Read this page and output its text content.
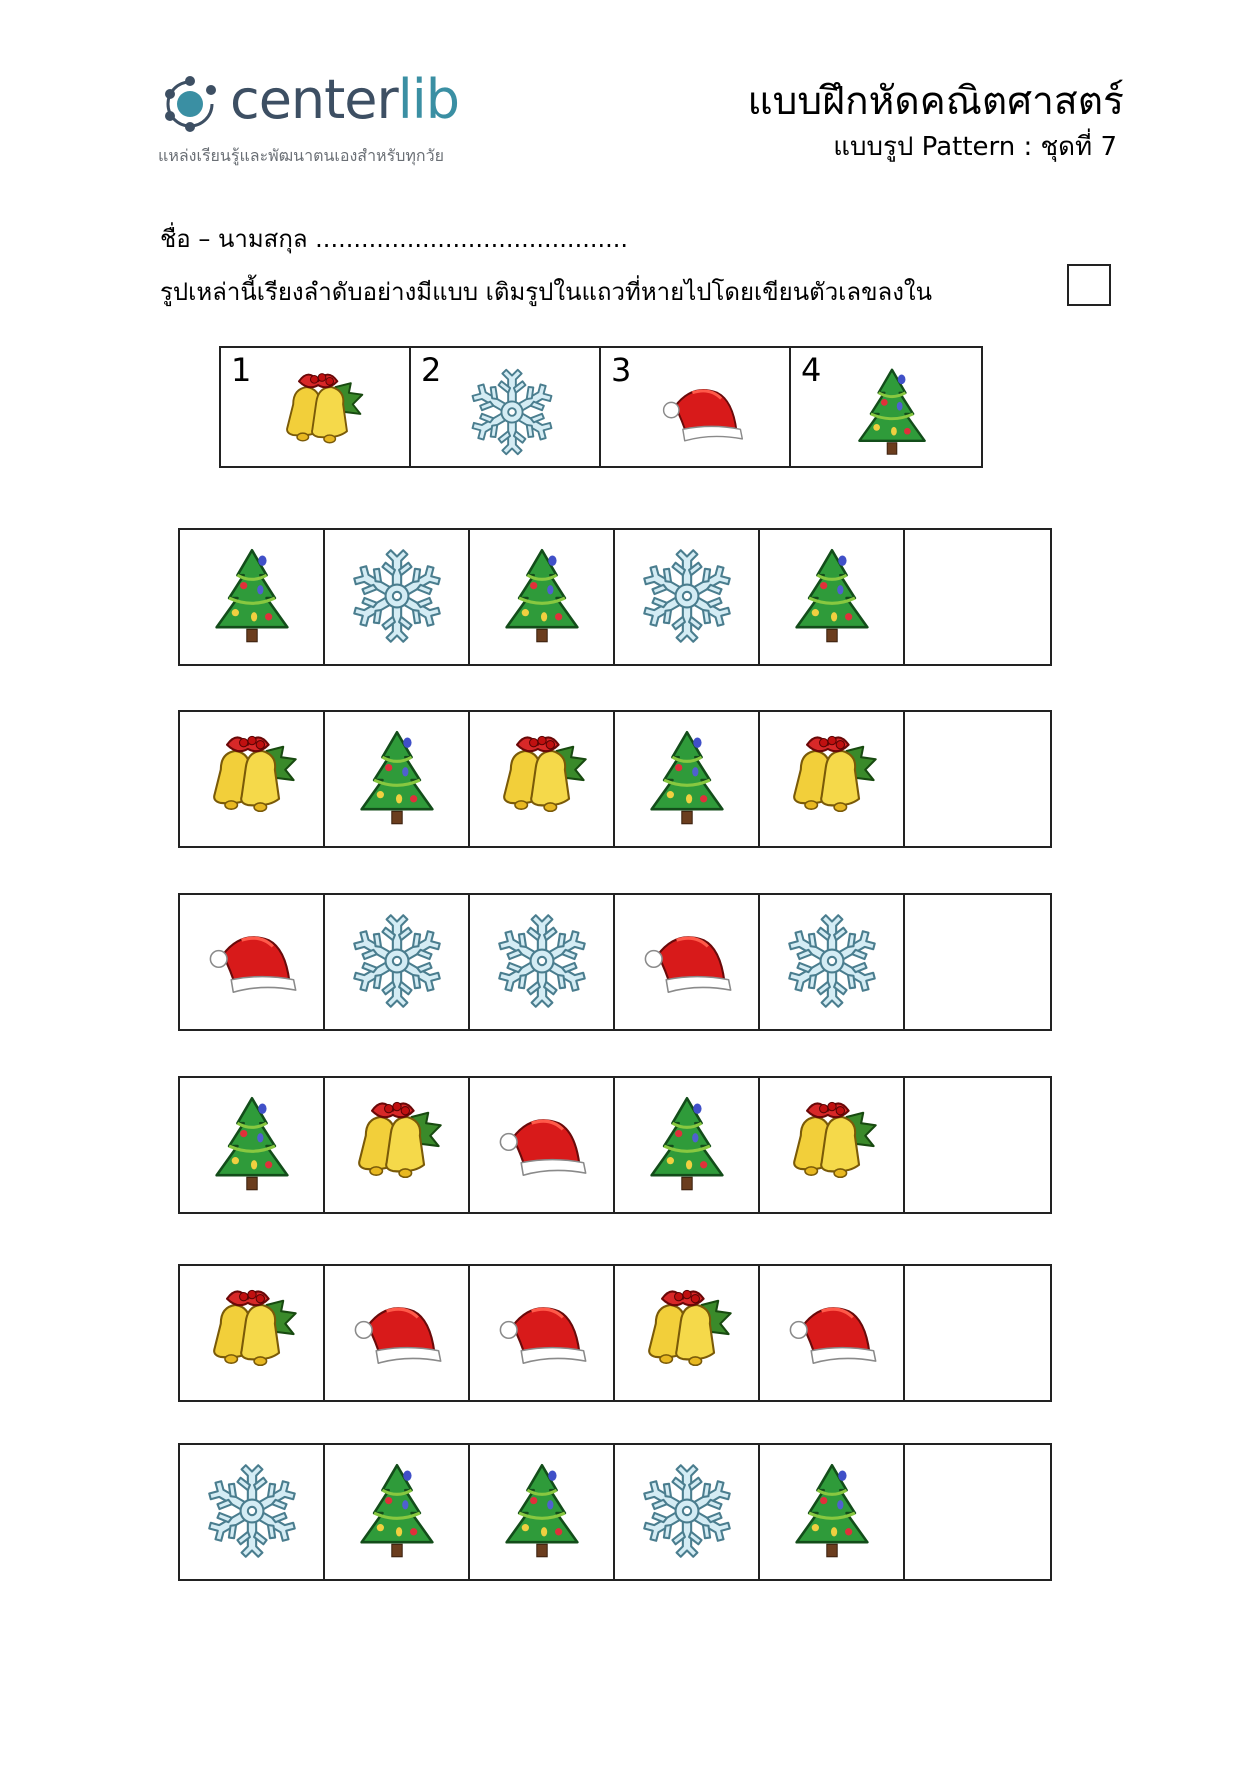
centerlib
แหล่งเรียนรู้และพัฒนาตนเองสำหรับทุกวัย
แบบฝึกหัดคณิตศาสตร์
แบบรูป Pattern : ชุดที่ 7
ชื่อ – นามสกุล .........................................
รูปเหล่านี้เรียงลำดับอย่างมีแบบ เติมรูปในแถวที่หายไปโดยเขียนตัวเลขลงใน
1	2	3	4
